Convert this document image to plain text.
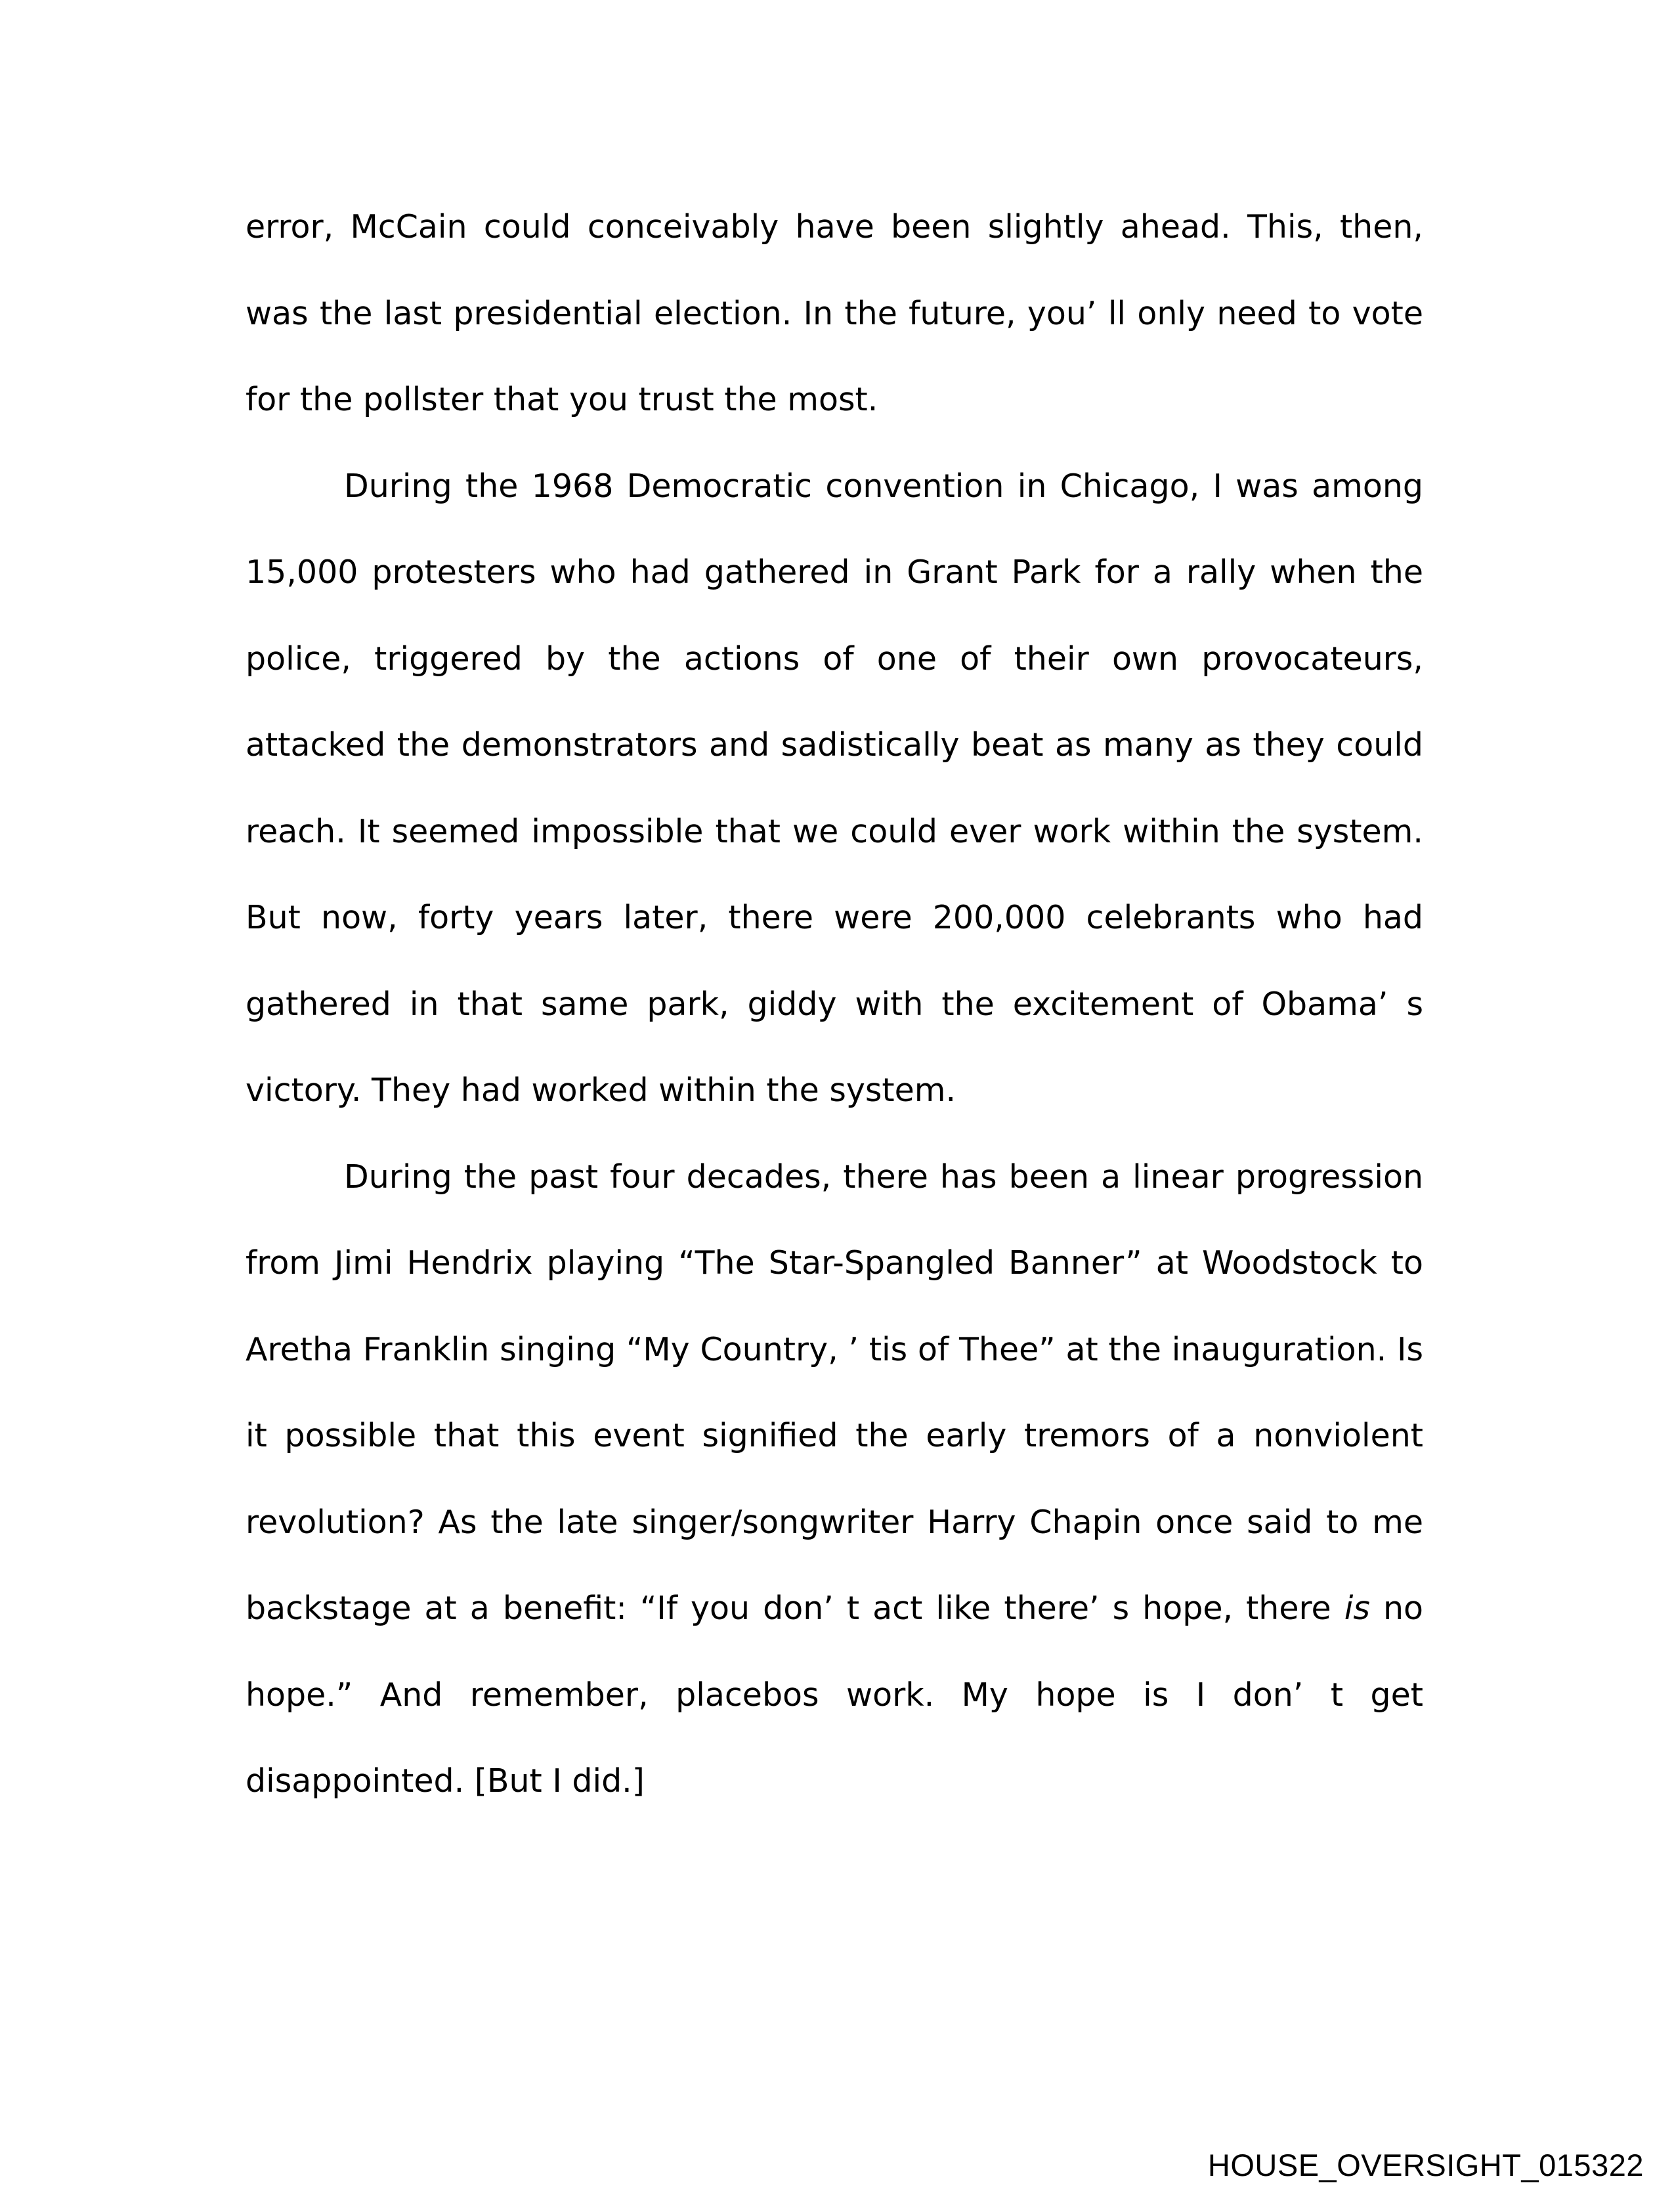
error, McCain could conceivably have been slightly ahead. This, then, was the last presidential election. In the future, you’ ll only need to vote for the pollster that you trust the most.

During the 1968 Democratic convention in Chicago, I was among 15,000 protesters who had gathered in Grant Park for a rally when the police, triggered by the actions of one of their own provocateurs, attacked the demonstrators and sadistically beat as many as they could reach. It seemed impossible that we could ever work within the system. But now, forty years later, there were 200,000 celebrants who had gathered in that same park, giddy with the excitement of Obama’ s victory. They had worked within the system.

During the past four decades, there has been a linear progression from Jimi Hendrix playing “The Star-Spangled Banner” at Woodstock to Aretha Franklin singing “My Country, ’ tis of Thee” at the inauguration. Is it possible that this event signified the early tremors of a nonviolent revolution? As the late singer/songwriter Harry Chapin once said to me backstage at a benefit: “If you don’ t act like there’ s hope, there is no hope.” And remember, placebos work. My hope is I don’ t get disappointed. [But I did.]

HOUSE_OVERSIGHT_015322
